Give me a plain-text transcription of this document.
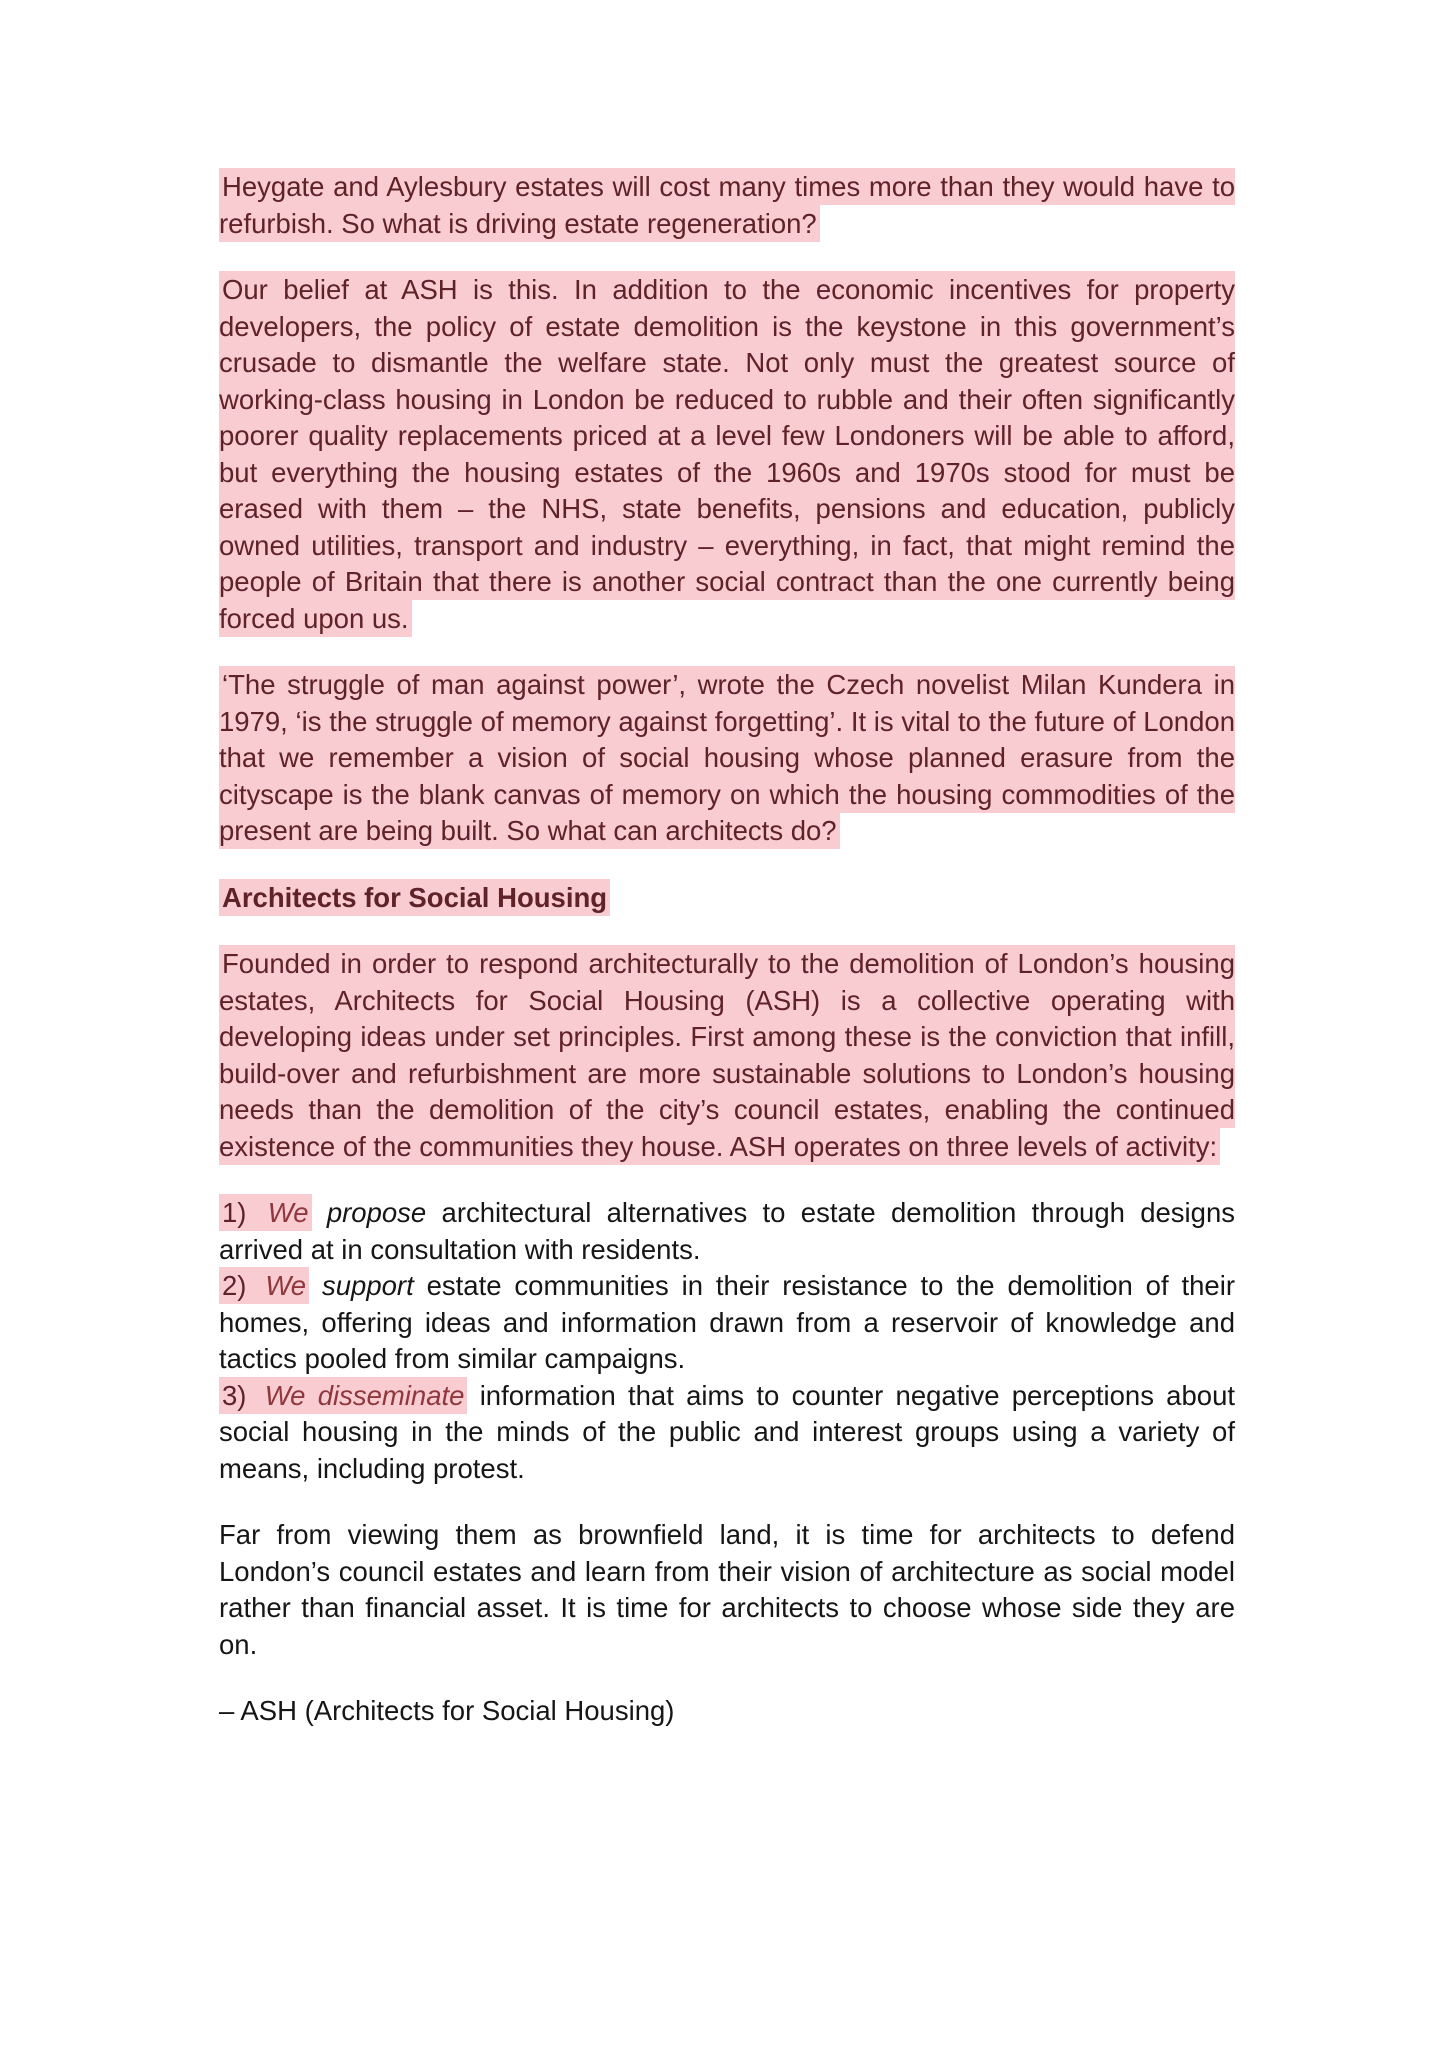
Heygate and Aylesbury estates will cost many times more than they would have to refurbish. So what is driving estate regeneration?
Our belief at ASH is this. In addition to the economic incentives for property developers, the policy of estate demolition is the keystone in this government’s crusade to dismantle the welfare state. Not only must the greatest source of working-class housing in London be reduced to rubble and their often significantly poorer quality replacements priced at a level few Londoners will be able to afford, but everything the housing estates of the 1960s and 1970s stood for must be erased with them – the NHS, state benefits, pensions and education, publicly owned utilities, transport and industry – everything, in fact, that might remind the people of Britain that there is another social contract than the one currently being forced upon us.
‘The struggle of man against power’, wrote the Czech novelist Milan Kundera in 1979, ‘is the struggle of memory against forgetting’. It is vital to the future of London that we remember a vision of social housing whose planned erasure from the cityscape is the blank canvas of memory on which the housing commodities of the present are being built. So what can architects do?
Architects for Social Housing
Founded in order to respond architecturally to the demolition of London’s housing estates, Architects for Social Housing (ASH) is a collective operating with developing ideas under set principles. First among these is the conviction that infill, build-over and refurbishment are more sustainable solutions to London’s housing needs than the demolition of the city’s council estates, enabling the continued existence of the communities they house. ASH operates on three levels of activity:
1) We propose architectural alternatives to estate demolition through designs arrived at in consultation with residents.
2) We support estate communities in their resistance to the demolition of their homes, offering ideas and information drawn from a reservoir of knowledge and tactics pooled from similar campaigns.
3) We disseminate information that aims to counter negative perceptions about social housing in the minds of the public and interest groups using a variety of means, including protest.
Far from viewing them as brownfield land, it is time for architects to defend London’s council estates and learn from their vision of architecture as social model rather than financial asset. It is time for architects to choose whose side they are on.
– ASH (Architects for Social Housing)
